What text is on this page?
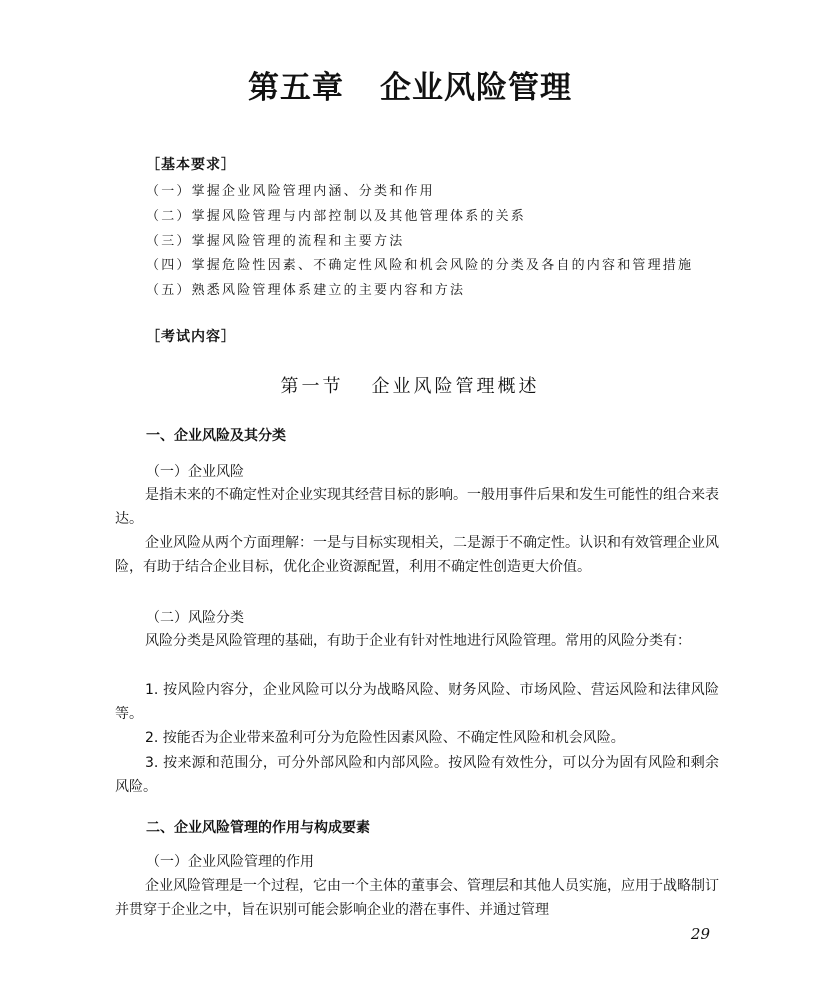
第五章 企业风险管理
［基本要求］
（一）掌握企业风险管理内涵、分类和作用
（二）掌握风险管理与内部控制以及其他管理体系的关系
（三）掌握风险管理的流程和主要方法
（四）掌握危险性因素、不确定性风险和机会风险的分类及各自的内容和管理措施
（五）熟悉风险管理体系建立的主要内容和方法
［考试内容］
第一节 企业风险管理概述
一、企业风险及其分类
（一）企业风险
是指未来的不确定性对企业实现其经营目标的影响。一般用事件后果和发生可能性的组合来表达。
企业风险从两个方面理解：一是与目标实现相关，二是源于不确定性。认识和有效管理企业风险，有助于结合企业目标，优化企业资源配置，利用不确定性创造更大价值。
（二）风险分类
风险分类是风险管理的基础，有助于企业有针对性地进行风险管理。常用的风险分类有：
1. 按风险内容分，企业风险可以分为战略风险、财务风险、市场风险、营运风险和法律风险等。
2. 按能否为企业带来盈利可分为危险性因素风险、不确定性风险和机会风险。
3. 按来源和范围分，可分外部风险和内部风险。按风险有效性分，可以分为固有风险和剩余风险。
二、企业风险管理的作用与构成要素
（一）企业风险管理的作用
企业风险管理是一个过程，它由一个主体的董事会、管理层和其他人员实施，应用于战略制订并贯穿于企业之中，旨在识别可能会影响企业的潜在事件、并通过管理
29
